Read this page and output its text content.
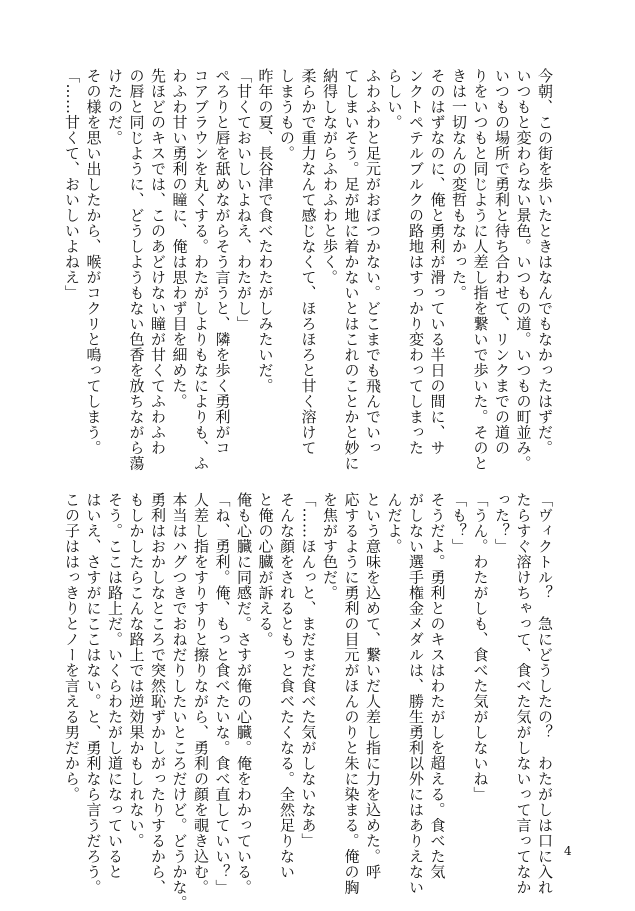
今朝、この街を歩いたときはなんでもなかったはずだ。
いつもと変わらない景色。いつもの道。いつもの町並み。
いつもの場所で勇利と待ち合わせて、リンクまでの道の
りをいつもと同じように人差し指を繋いで歩いた。そのと
きは一切なんの変哲もなかった。
そのはずなのに、俺と勇利が滑っている半日の間に、サ
ンクトペテルブルクの路地はすっかり変わってしまった
らしい。
ふわふわと足元がおぼつかない。どこまでも飛んでいっ
てしまいそう。足が地に着かないとはこれのことかと妙に
納得しながらふわふわと歩く。
柔らかで重力なんて感じなくて、ほろほろと甘く溶けて
しまうもの。
昨年の夏、長谷津で食べたわたがしみたいだ。
「甘くておいしいよねえ、わたがし」
ぺろりと唇を舐めながらそう言うと、隣を歩く勇利がコ
コアブラウンを丸くする。わたがしよりもなによりも、ふ
わふわ甘い勇利の瞳に、俺は思わず目を細めた。
先ほどのキスでは、このあどけない瞳が甘くてふわふわ
の唇と同じように、どうしようもない色香を放ちながら蕩
けたのだ。
その様を思い出したから、喉がコクリと鳴ってしまう。
「……甘くて、おいしいよねえ」
「ヴィクトル？　急にどうしたの？　わたがしは口に入れ
たらすぐ溶けちゃって、食べた気がしないって言ってなか
った？」
「うん。わたがしも、食べた気がしないね」
「も？」
そうだよ。勇利とのキスはわたがしを超える。食べた気
がしない選手権金メダルは、勝生勇利以外にはありえない
んだよ。
という意味を込めて、繋いだ人差し指に力を込めた。呼
応するように勇利の目元がほんのりと朱に染まる。俺の胸
を焦がす色だ。
「……ほんっと、まだまだ食べた気がしないなあ」
そんな顔をされるともっと食べたくなる。全然足りない
と俺の心臓が訴える。
俺も心臓に同感だ。さすが俺の心臓。俺をわかっている。
「ね、勇利。俺、もっと食べたいな。食べ直していい？」
人差し指をすりすりと擦りながら、勇利の顔を覗き込む。
本当はハグつきでおねだりしたいところだけど。どうかな。
勇利はおかしなところで突然恥ずかしがったりするから、
もしかしたらこんな路上では逆効果かもしれない。
そう。ここは路上だ。いくらわたがし道になっていると
はいえ、さすがにここはない。と、勇利なら言うだろう。
この子ははっきりとノーを言える男だから。
4
